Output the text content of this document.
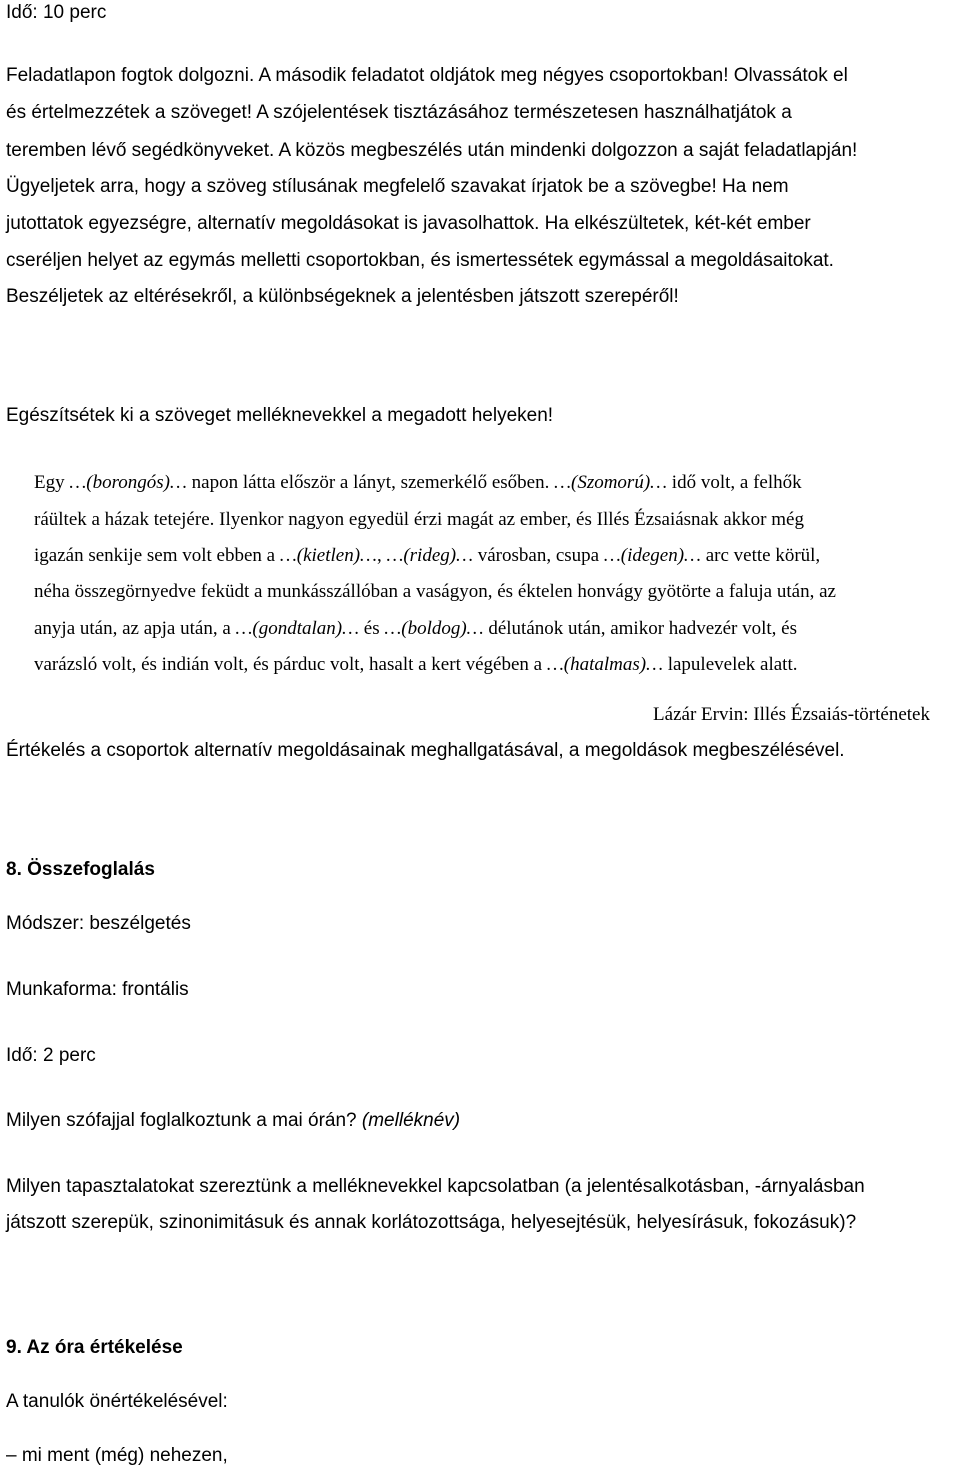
Idő: 10 perc
Feladatlapon fogtok dolgozni. A második feladatot oldjátok meg négyes csoportokban! Olvassátok el
és értelmezzétek a szöveget! A szójelentések tisztázásához természetesen használhatjátok a
teremben lévő segédkönyveket. A közös megbeszélés után mindenki dolgozzon a saját feladatlapján!
Ügyeljetek arra, hogy a szöveg stílusának megfelelő szavakat írjatok be a szövegbe! Ha nem
jutottatok egyezségre, alternatív megoldásokat is javasolhattok. Ha elkészültetek, két-két ember
cseréljen helyet az egymás melletti csoportokban, és ismertessétek egymással a megoldásaitokat.
Beszéljetek az eltérésekről, a különbségeknek a jelentésben játszott szerepéről!
Egészítsétek ki a szöveget melléknevekkel a megadott helyeken!
Egy …(borongós)… napon látta először a lányt, szemerkélő esőben. …(Szomorú)… idő volt, a felhők
ráültek a házak tetejére. Ilyenkor nagyon egyedül érzi magát az ember, és Illés Ézsaiásnak akkor még
igazán senkije sem volt ebben a …(kietlen)…, …(rideg)… városban, csupa …(idegen)… arc vette körül,
néha összegörnyedve feküdt a munkásszállóban a vaságyon, és éktelen honvágy gyötörte a faluja után, az
anyja után, az apja után, a …(gondtalan)… és …(boldog)… délutánok után, amikor hadvezér volt, és
varázsló volt, és indián volt, és párduc volt, hasalt a kert végében a …(hatalmas)… lapulevelek alatt.
Lázár Ervin: Illés Ézsaiás-történetek
Értékelés a csoportok alternatív megoldásainak meghallgatásával, a megoldások megbeszélésével.
8. Összefoglalás
Módszer: beszélgetés
Munkaforma: frontális
Idő: 2 perc
Milyen szófajjal foglalkoztunk a mai órán? (melléknév)
Milyen tapasztalatokat szereztünk a melléknevekkel kapcsolatban (a jelentésalkotásban, -árnyalásban
játszott szerepük, szinonimitásuk és annak korlátozottsága, helyesejtésük, helyesírásuk, fokozásuk)?
9. Az óra értékelése
A tanulók önértékelésével:
– mi ment (még) nehezen,
